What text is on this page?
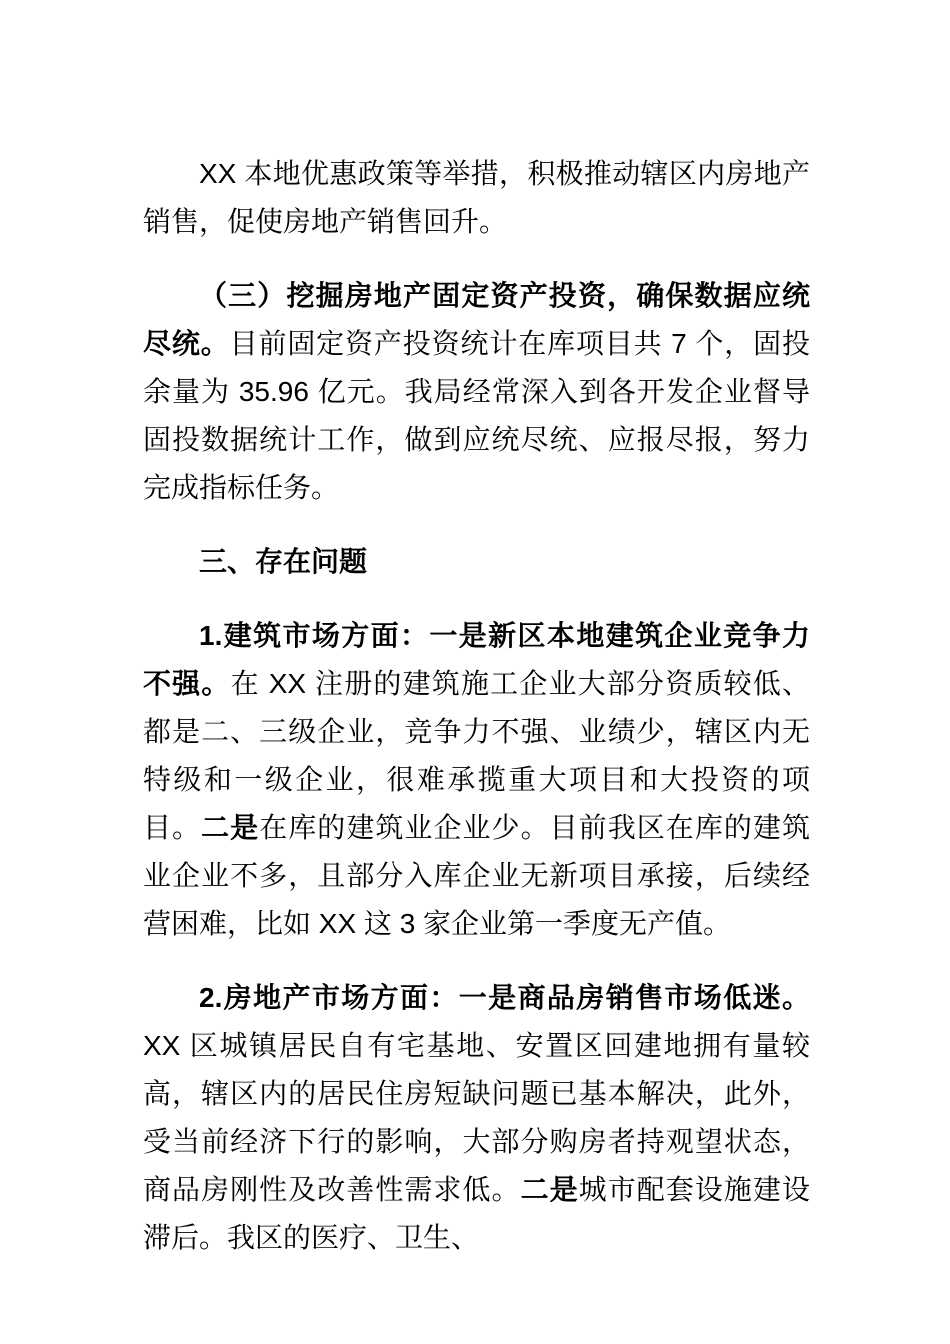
XX 本地优惠政策等举措，积极推动辖区内房地产销售，促使房地产销售回升。

（三）挖掘房地产固定资产投资，确保数据应统尽统。目前固定资产投资统计在库项目共 7 个，固投余量为 35.96 亿元。我局经常深入到各开发企业督导固投数据统计工作，做到应统尽统、应报尽报，努力完成指标任务。

三、存在问题

1.建筑市场方面：一是新区本地建筑企业竞争力不强。在 XX 注册的建筑施工企业大部分资质较低、都是二、三级企业，竞争力不强、业绩少，辖区内无特级和一级企业，很难承揽重大项目和大投资的项目。二是在库的建筑业企业少。目前我区在库的建筑业企业不多，且部分入库企业无新项目承接，后续经营困难，比如 XX 这 3 家企业第一季度无产值。

2.房地产市场方面：一是商品房销售市场低迷。XX 区城镇居民自有宅基地、安置区回建地拥有量较高，辖区内的居民住房短缺问题已基本解决，此外，受当前经济下行的影响，大部分购房者持观望状态，商品房刚性及改善性需求低。二是城市配套设施建设滞后。我区的医疗、卫生、
